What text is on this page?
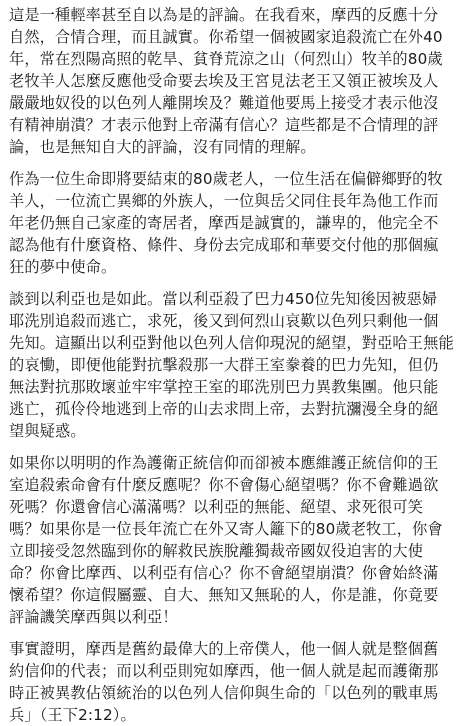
這是一種輕率甚至自以為是的評論。在我看來，摩西的反應十分
自然，合情合理，而且誠實。你希望一個被國家追殺流亡在外40年，常在烈陽高照的乾旱、貧脊荒涼之山（何烈山）牧羊的80歲
老牧羊人怎麼反應他受命要去埃及王宮見法老王又領正被埃及人
嚴嚴地奴役的以色列人離開埃及？難道他要馬上接受才表示他沒
有精神崩潰？才表示他對上帝滿有信心？這些都是不合情理的評
論，也是無知自大的評論，沒有同情的理解。

作為一位生命即將要結束的80歲老人，一位生活在偏僻鄉野的牧
羊人，一位流亡異鄉的外族人，一位與岳父同住長年為他工作而
年老仍無自己家產的寄居者，摩西是誠實的，謙卑的，他完全不
認為他有什麼資格、條件、身份去完成耶和華要交付他的那個瘋
狂的夢中使命。

談到以利亞也是如此。當以利亞殺了巴力450位先知後因被惡婦
耶洗別追殺而逃亡，求死，後又到何烈山哀歎以色列只剩他一個
先知。這顯出以利亞對他以色列人信仰現況的絕望，對亞哈王無能
的哀慟，即便他能對抗擊殺那一大群王室豢養的巴力先知，但仍
無法對抗那敗壞並牢牢掌控王室的耶洗別巴力異教集團。他只能
逃亡，孤伶伶地逃到上帝的山去求問上帝，去對抗瀰漫全身的絕
望與疑惑。

如果你以明明的作為護衛正統信仰而卻被本應維護正統信仰的王
室追殺索命會有什麼反應呢？你不會傷心絕望嗎？你不會難過欲
死嗎？你還會信心滿滿嗎？以利亞的無能、絕望、求死很可笑
嗎？如果你是一位長年流亡在外又寄人籬下的80歲老牧工，你會
立即接受忽然臨到你的解救民族脫離獨裁帝國奴役迫害的大使
命？你會比摩西、以利亞有信心？你不會絕望崩潰？你會始終滿
懷希望？你這假屬靈、自大、無知又無恥的人，你是誰，你竟要
評論譏笑摩西與以利亞！

事實證明，摩西是舊約最偉大的上帝僕人，他一個人就是整個舊
約信仰的代表；而以利亞則宛如摩西，他一個人就是起而護衛那
時正被異教佔領統治的以色列人信仰與生命的「以色列的戰車馬
兵」（王下2:12）。
